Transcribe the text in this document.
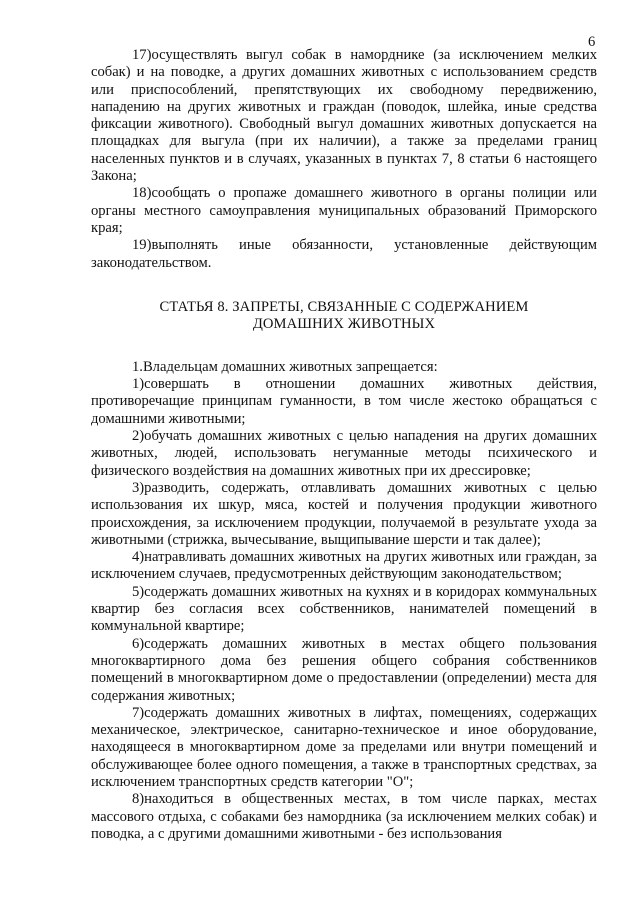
6

17)осуществлять выгул собак в наморднике (за исключением мелких собак) и на поводке, а других домашних животных с использованием средств или приспособлений, препятствующих их свободному передвижению, нападению на других животных и граждан (поводок, шлейка, иные средства фиксации животного). Свободный выгул домашних животных допускается на площадках для выгула (при их наличии), а также за пределами границ населенных пунктов и в случаях, указанных в пунктах 7, 8 статьи 6 настоящего Закона;

18)сообщать о пропаже домашнего животного в органы полиции или органы местного самоуправления муниципальных образований Приморского края;

19)выполнять иные обязанности, установленные действующим законодательством.

СТАТЬЯ 8. ЗАПРЕТЫ, СВЯЗАННЫЕ С СОДЕРЖАНИЕМ
ДОМАШНИХ ЖИВОТНЫХ

1.Владельцам домашних животных запрещается:

1)совершать в отношении домашних животных действия, противоречащие принципам гуманности, в том числе жестоко обращаться с домашними животными;

2)обучать домашних животных с целью нападения на других домашних животных, людей, использовать негуманные методы психического и физического воздействия на домашних животных при их дрессировке;

3)разводить, содержать, отлавливать домашних животных с целью использования их шкур, мяса, костей и получения продукции животного происхождения, за исключением продукции, получаемой в результате ухода за животными (стрижка, вычесывание, выщипывание шерсти и так далее);

4)натравливать домашних животных на других животных или граждан, за исключением случаев, предусмотренных действующим законодательством;

5)содержать домашних животных на кухнях и в коридорах коммунальных квартир без согласия всех собственников, нанимателей помещений в коммунальной квартире;

6)содержать домашних животных в местах общего пользования многоквартирного дома без решения общего собрания собственников помещений в многоквартирном доме о предоставлении (определении) места для содержания животных;

7)содержать домашних животных в лифтах, помещениях, содержащих механическое, электрическое, санитарно-техническое и иное оборудование, находящееся в многоквартирном доме за пределами или внутри помещений и обслуживающее более одного помещения, а также в транспортных средствах, за исключением транспортных средств категории "О";

8)находиться в общественных местах, в том числе парках, местах массового отдыха, с собаками без намордника (за исключением мелких собак) и поводка, а с другими домашними животными - без использования
